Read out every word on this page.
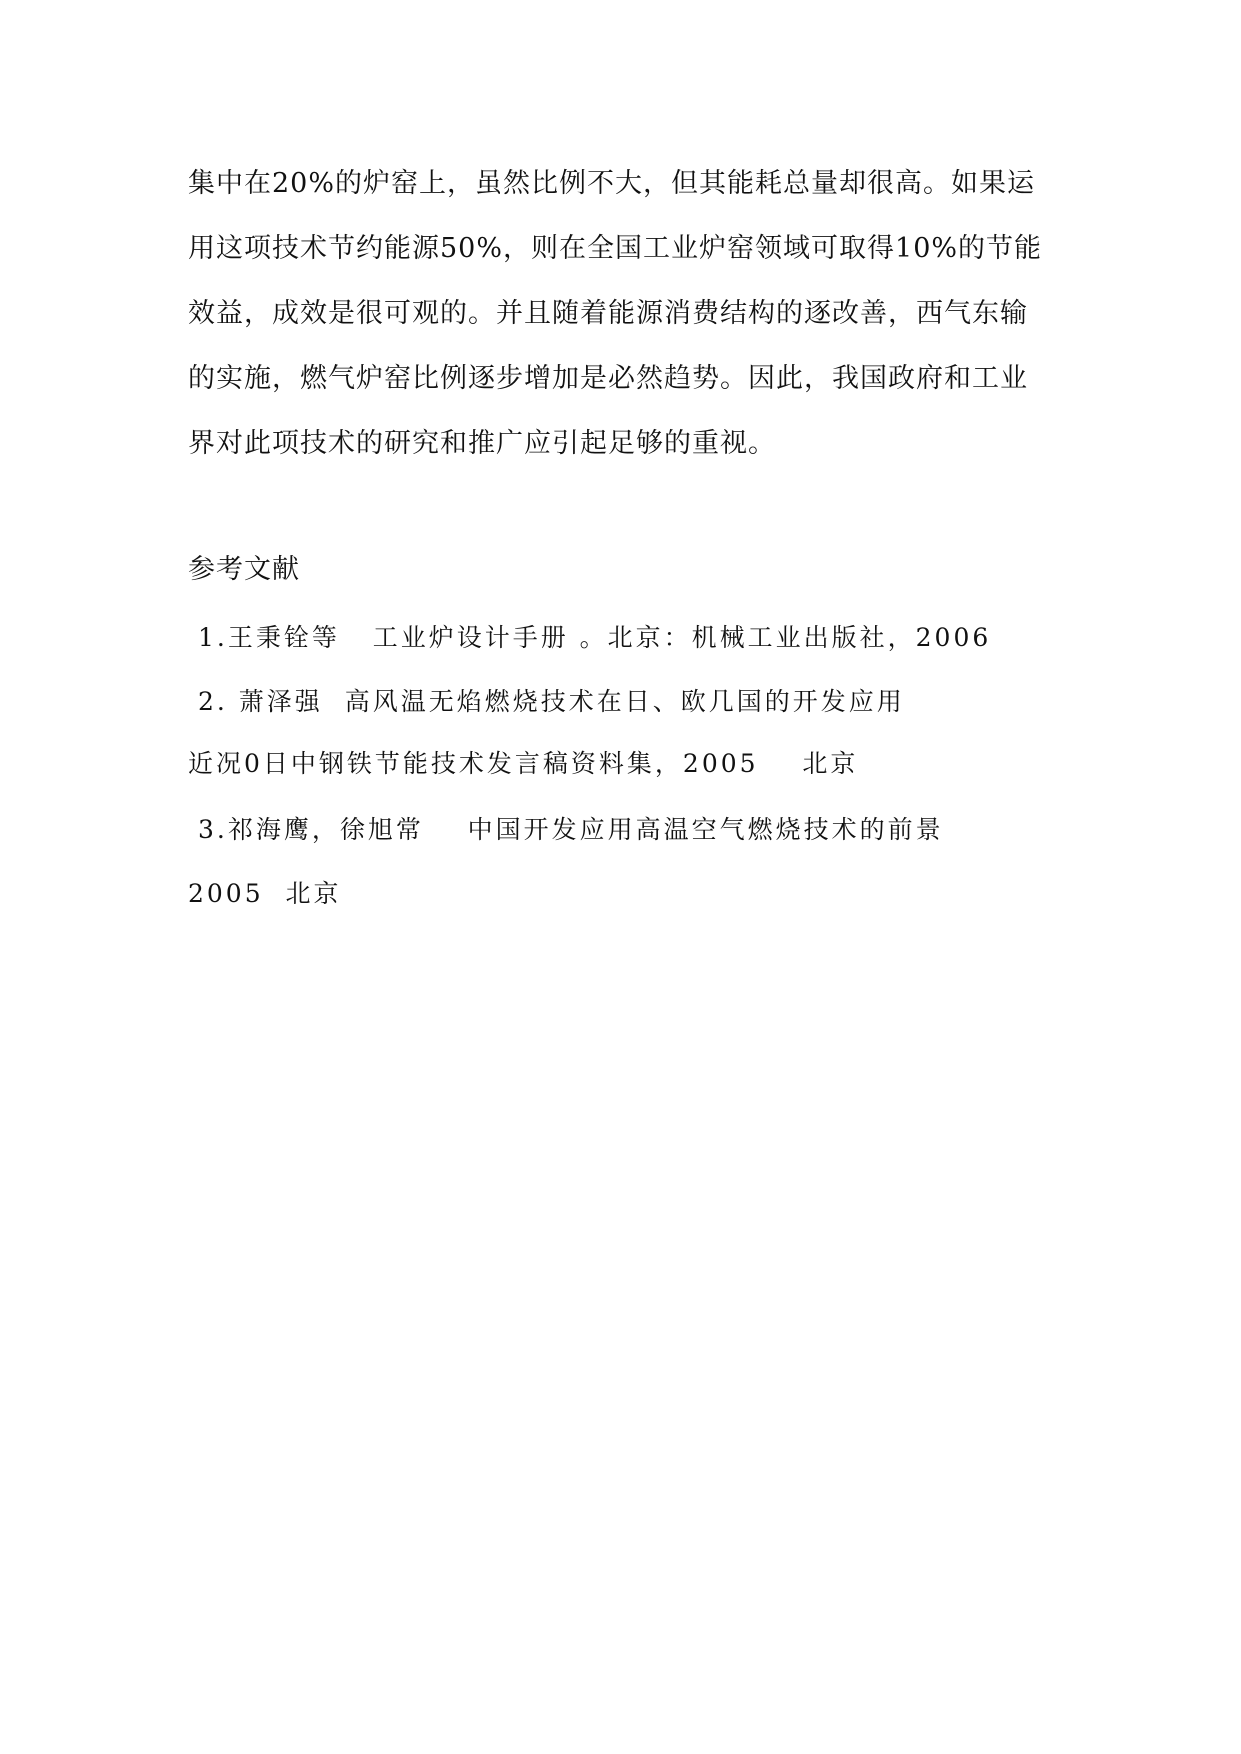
集中在20%的炉窑上，虽然比例不大，但其能耗总量却很高。如果运
用这项技术节约能源50%，则在全国工业炉窑领域可取得10%的节能
效益，成效是很可观的。并且随着能源消费结构的逐改善，西气东输
的实施，燃气炉窑比例逐步增加是必然趋势。因此，我国政府和工业
界对此项技术的研究和推广应引起足够的重视。
参考文献
1.王秉铨等   工业炉设计手册 。北京：机械工业出版社，2006
2. 萧泽强  高风温无焰燃烧技术在日、欧几国的开发应用
近况0日中钢铁节能技术发言稿资料集，2005    北京
3.祁海鹰，徐旭常    中国开发应用高温空气燃烧技术的前景
2005  北京
